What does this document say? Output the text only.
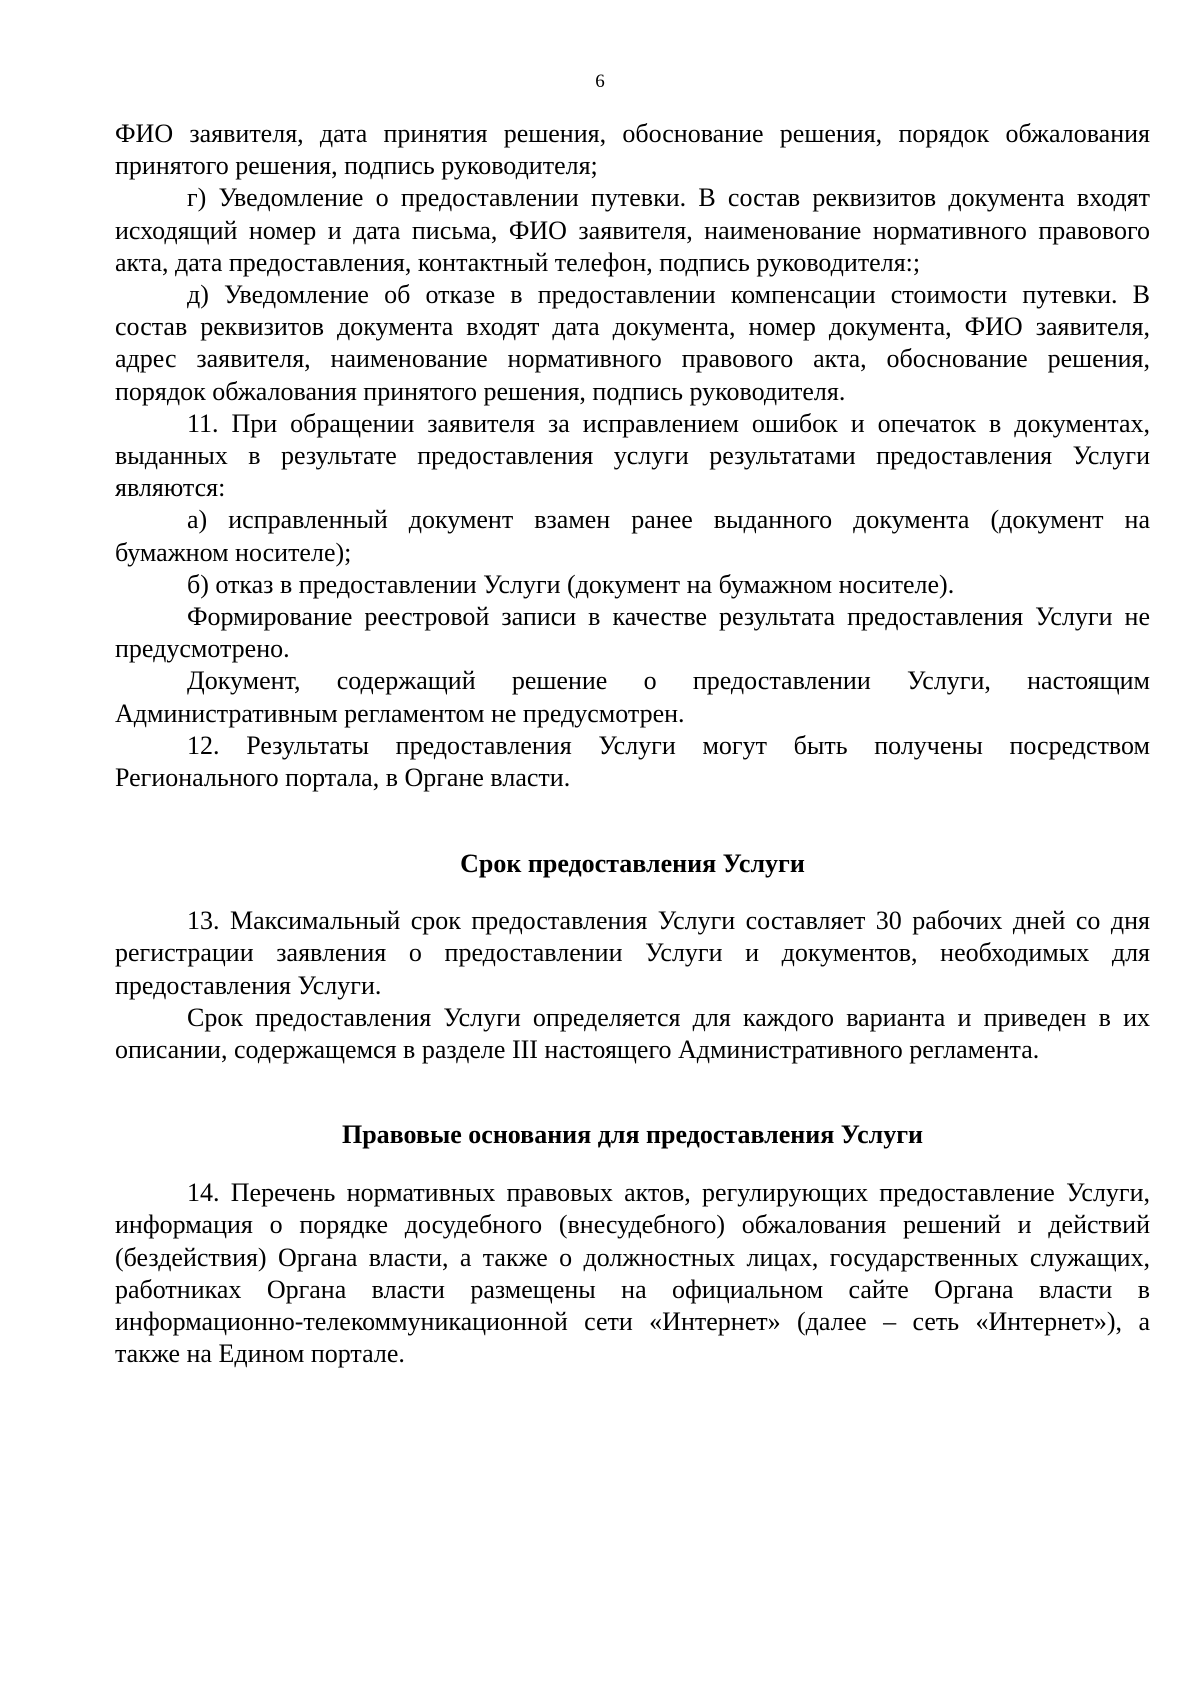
6

ФИО заявителя, дата принятия решения, обоснование решения, порядок обжалования принятого решения, подпись руководителя;

г) Уведомление о предоставлении путевки. В состав реквизитов документа входят исходящий номер и дата письма, ФИО заявителя, наименование нормативного правового акта, дата предоставления, контактный телефон, подпись руководителя:;

д) Уведомление об отказе в предоставлении компенсации стоимости путевки. В состав реквизитов документа входят дата документа, номер документа, ФИО заявителя, адрес заявителя, наименование нормативного правового акта, обоснование решения, порядок обжалования принятого решения, подпись руководителя.

11. При обращении заявителя за исправлением ошибок и опечаток в документах, выданных в результате предоставления услуги результатами предоставления Услуги являются:

а) исправленный документ взамен ранее выданного документа (документ на бумажном носителе);

б) отказ в предоставлении Услуги (документ на бумажном носителе).

Формирование реестровой записи в качестве результата предоставления Услуги не предусмотрено.

Документ, содержащий решение о предоставлении Услуги, настоящим Административным регламентом не предусмотрен.

12. Результаты предоставления Услуги могут быть получены посредством Регионального портала, в Органе власти.

Срок предоставления Услуги

13. Максимальный срок предоставления Услуги составляет 30 рабочих дней со дня регистрации заявления о предоставлении Услуги и документов, необходимых для предоставления Услуги.

Срок предоставления Услуги определяется для каждого варианта и приведен в их описании, содержащемся в разделе III настоящего Административного регламента.

Правовые основания для предоставления Услуги

14. Перечень нормативных правовых актов, регулирующих предоставление Услуги, информация о порядке досудебного (внесудебного) обжалования решений и действий (бездействия) Органа власти, а также о должностных лицах, государственных служащих, работниках Органа власти размещены на официальном сайте Органа власти в информационно-телекоммуникационной сети «Интернет» (далее – сеть «Интернет»), а также на Едином портале.
